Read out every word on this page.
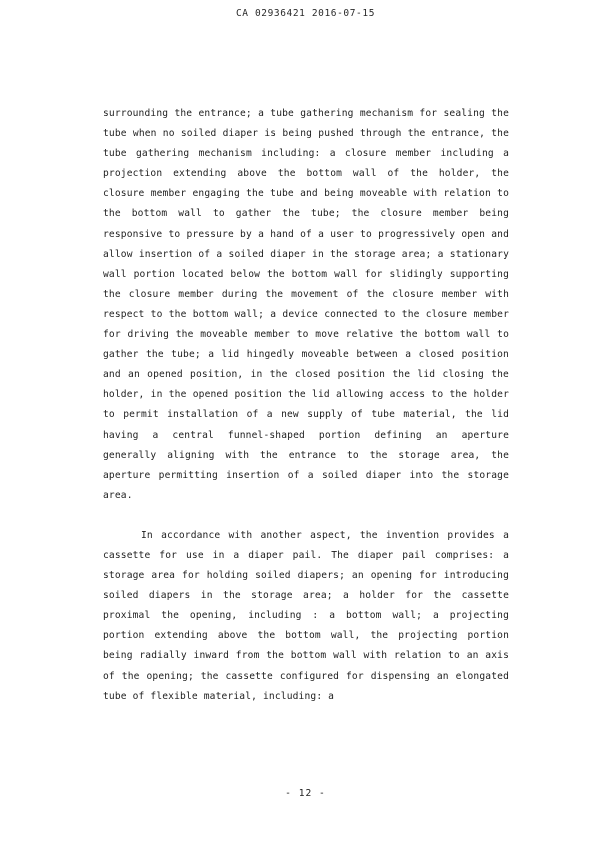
CA 02936421 2016-07-15

surrounding the entrance; a tube gathering mechanism for sealing the tube when no soiled diaper is being pushed through the entrance, the tube gathering mechanism including: a closure member including a projection extending above the bottom wall of the holder, the closure member engaging the tube and being moveable with relation to the bottom wall to gather the tube; the closure member being responsive to pressure by a hand of a user to progressively open and allow insertion of a soiled diaper in the storage area; a stationary wall portion located below the bottom wall for slidingly supporting the closure member during the movement of the closure member with respect to the bottom wall; a device connected to the closure member for driving the moveable member to move relative the bottom wall to gather the tube; a lid hingedly moveable between a closed position and an opened position, in the closed position the lid closing the holder, in the opened position the lid allowing access to the holder to permit installation of a new supply of tube material, the lid having a central funnel-shaped portion defining an aperture generally aligning with the entrance to the storage area, the aperture permitting insertion of a soiled diaper into the storage area.

In accordance with another aspect, the invention provides a cassette for use in a diaper pail. The diaper pail comprises: a storage area for holding soiled diapers; an opening for introducing soiled diapers in the storage area; a holder for the cassette proximal the opening, including : a bottom wall; a projecting portion extending above the bottom wall, the projecting portion being radially inward from the bottom wall with relation to an axis of the opening; the cassette configured for dispensing an elongated tube of flexible material, including: a

- 12 -
